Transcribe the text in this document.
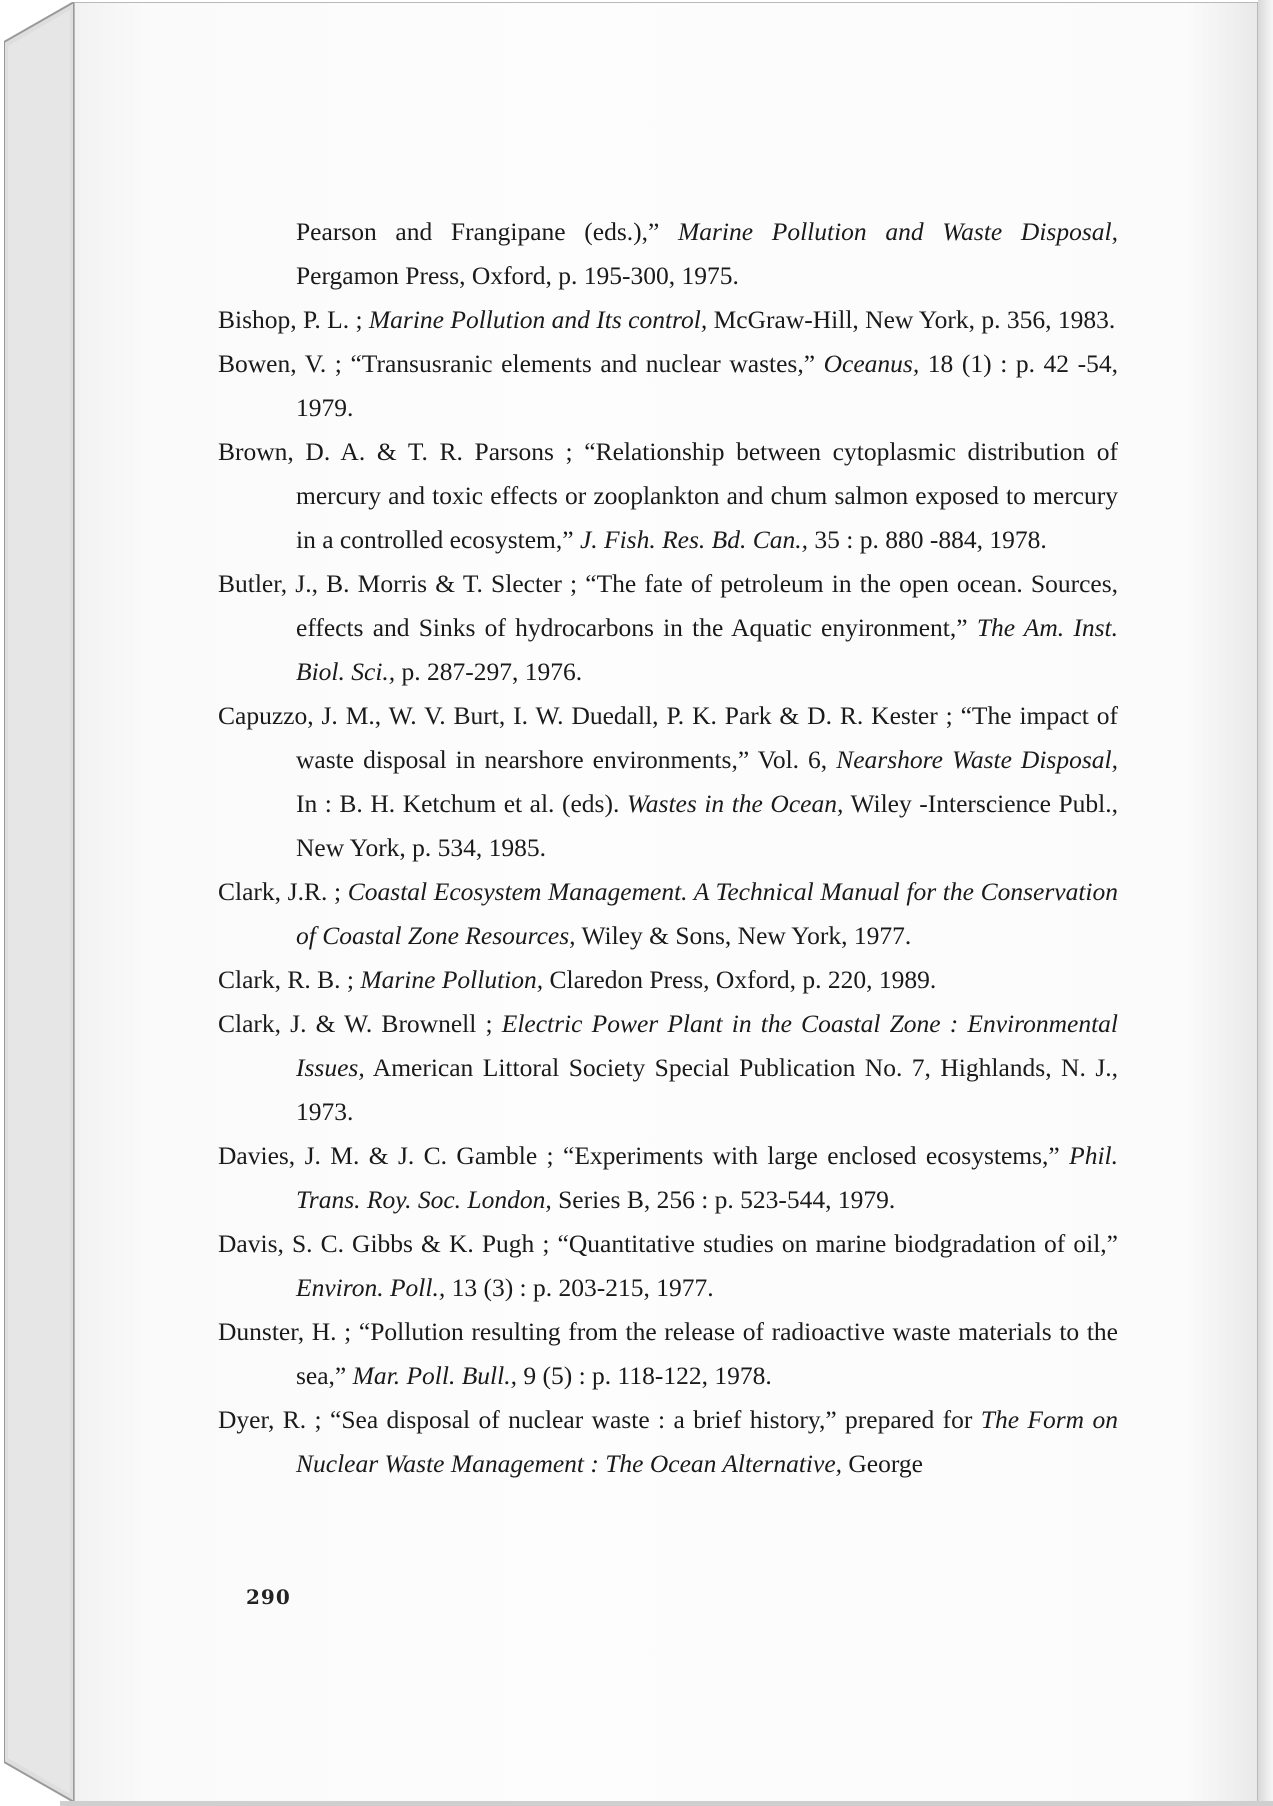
Pearson and Frangipane (eds.),” Marine Pollution and Waste Disposal, Pergamon Press, Oxford, p. 195-300, 1975.

Bishop, P. L. ; Marine Pollution and Its control, McGraw-Hill, New York, p. 356, 1983.

Bowen, V. ; “Transusranic elements and nuclear wastes,” Oceanus, 18 (1) : p. 42 -54, 1979.

Brown, D. A. & T. R. Parsons ; “Relationship between cytoplasmic distribution of mercury and toxic effects or zooplankton and chum salmon exposed to mercury in a controlled ecosystem,” J. Fish. Res. Bd. Can., 35 : p. 880 -884, 1978.

Butler, J., B. Morris & T. Slecter ; “The fate of petroleum in the open ocean. Sources, effects and Sinks of hydrocarbons in the Aquatic enyironment,” The Am. Inst. Biol. Sci., p. 287-297, 1976.

Capuzzo, J. M., W. V. Burt, I. W. Duedall, P. K. Park & D. R. Kester ; “The impact of waste disposal in nearshore environments,” Vol. 6, Nearshore Waste Disposal, In : B. H. Ketchum et al. (eds). Wastes in the Ocean, Wiley -Interscience Publ., New York, p. 534, 1985.

Clark, J.R. ; Coastal Ecosystem Management. A Technical Manual for the Conservation of Coastal Zone Resources, Wiley & Sons, New York, 1977.

Clark, R. B. ; Marine Pollution, Claredon Press, Oxford, p. 220, 1989.

Clark, J. & W. Brownell ; Electric Power Plant in the Coastal Zone : Environmental Issues, American Littoral Society Special Publication No. 7, Highlands, N. J., 1973.

Davies, J. M. & J. C. Gamble ; “Experiments with large enclosed ecosystems,” Phil. Trans. Roy. Soc. London, Series B, 256 : p. 523-544, 1979.

Davis, S. C. Gibbs & K. Pugh ; “Quantitative studies on marine biodgradation of oil,” Environ. Poll., 13 (3) : p. 203-215, 1977.

Dunster, H. ; “Pollution resulting from the release of radioactive waste materials to the sea,” Mar. Poll. Bull., 9 (5) : p. 118-122, 1978.

Dyer, R. ; “Sea disposal of nuclear waste : a brief history,” prepared for The Form on Nuclear Waste Management : The Ocean Alternative, George

290
